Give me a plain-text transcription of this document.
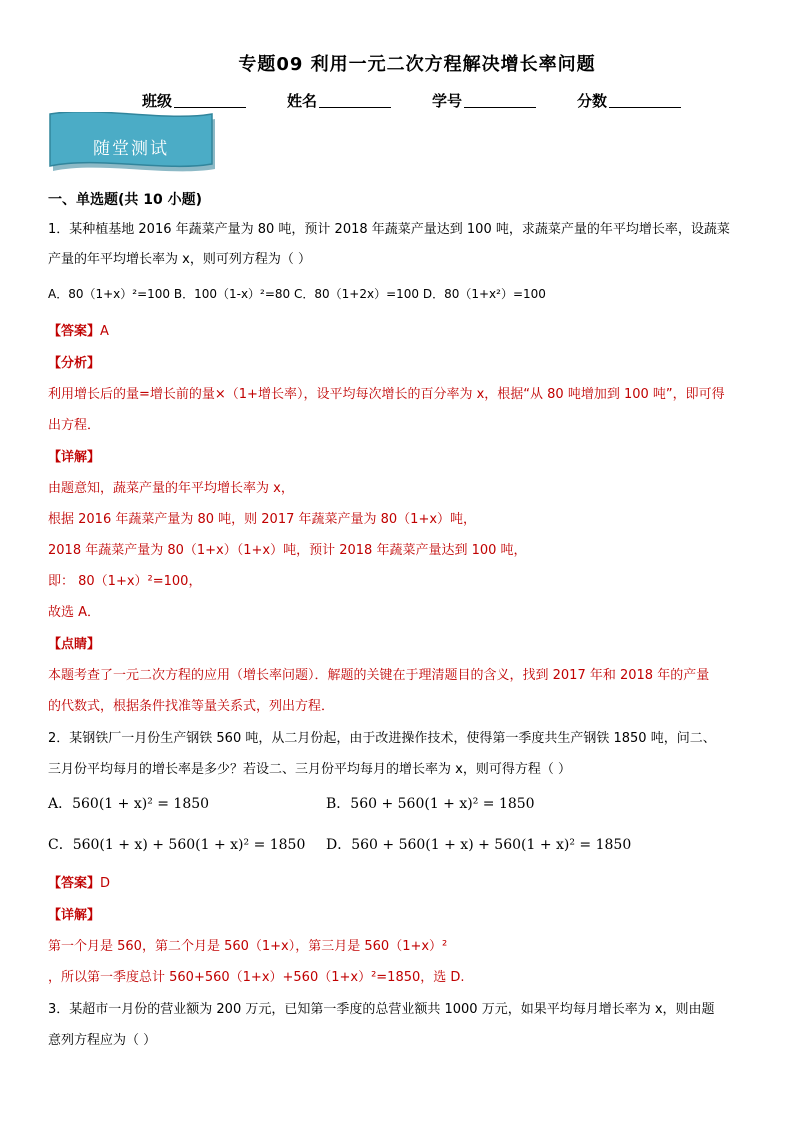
专题09 利用一元二次方程解决增长率问题
班级	姓名	学号	分数
随堂测试
一、单选题(共 10 小题)
1．某种植基地 2016 年蔬菜产量为 80 吨，预计 2018 年蔬菜产量达到 100 吨，求蔬菜产量的年平均增长率，设蔬菜
产量的年平均增长率为 x，则可列方程为（ ）
A．80（1+x）²=100 B．100（1-x）²=80 C．80（1+2x）=100 D．80（1+x²）=100
【答案】A
【分析】
利用增长后的量=增长前的量×（1+增长率），设平均每次增长的百分率为 x，根据“从 80 吨增加到 100 吨”，即可得
出方程．
【详解】
由题意知，蔬菜产量的年平均增长率为 x，
根据 2016 年蔬菜产量为 80 吨，则 2017 年蔬菜产量为 80（1+x）吨，
2018 年蔬菜产量为 80（1+x）（1+x）吨，预计 2018 年蔬菜产量达到 100 吨，
即： 80（1+x）²=100，
故选 A．
【点睛】
本题考查了一元二次方程的应用（增长率问题）．解题的关键在于理清题目的含义，找到 2017 年和 2018 年的产量
的代数式，根据条件找准等量关系式，列出方程．
2．某钢铁厂一月份生产钢铁 560 吨，从二月份起，由于改进操作技术，使得第一季度共生产钢铁 1850 吨，问二、
三月份平均每月的增长率是多少？若设二、三月份平均每月的增长率为 x，则可得方程（ ）
A．560(1 + x)² = 1850	B．560 + 560(1 + x)² = 1850
C．560(1 + x) + 560(1 + x)² = 1850 D．560 + 560(1 + x) + 560(1 + x)² = 1850
【答案】D
【详解】
第一个月是 560，第二个月是 560（1+x），第三月是 560（1+x）²
，所以第一季度总计 560+560（1+x）+560（1+x）²=1850，选 D.
3．某超市一月份的营业额为 200 万元，已知第一季度的总营业额共 1000 万元，如果平均每月增长率为 x，则由题
意列方程应为（ ）
